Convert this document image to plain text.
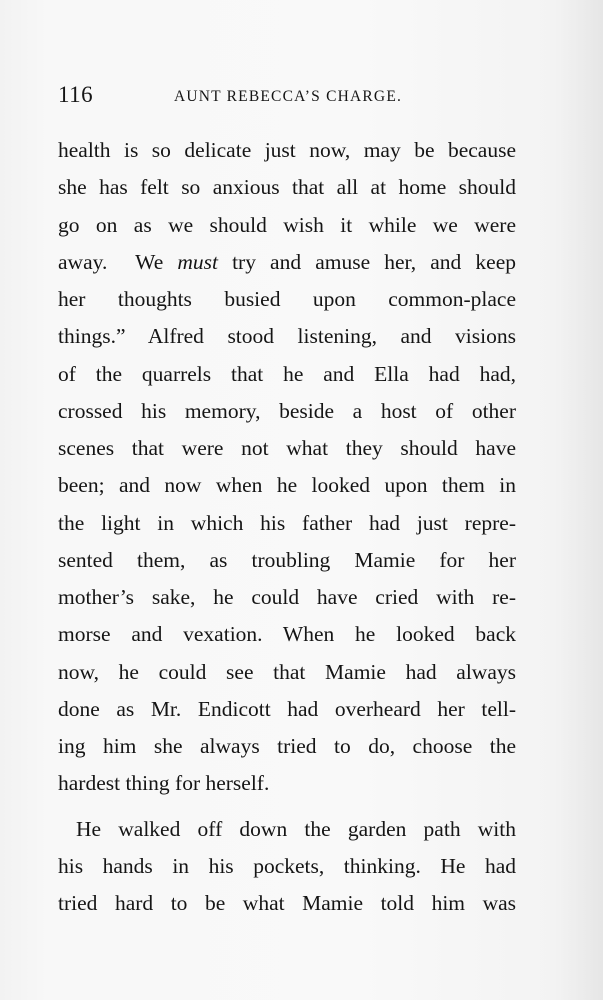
116	AUNT REBECCA’S CHARGE.
health is so delicate just now, may be because
she has felt so anxious that all at home should
go on as we should wish it while we were
away. We must try and amuse her, and keep
her thoughts busied upon common-place
things.” Alfred stood listening, and visions
of the quarrels that he and Ella had had,
crossed his memory, beside a host of other
scenes that were not what they should have
been; and now when he looked upon them in
the light in which his father had just repre-
sented them, as troubling Mamie for her
mother’s sake, he could have cried with re-
morse and vexation. When he looked back
now, he could see that Mamie had always
done as Mr. Endicott had overheard her tell-
ing him she always tried to do, choose the
hardest thing for herself.
He walked off down the garden path with
his hands in his pockets, thinking. He had
tried hard to be what Mamie told him was
